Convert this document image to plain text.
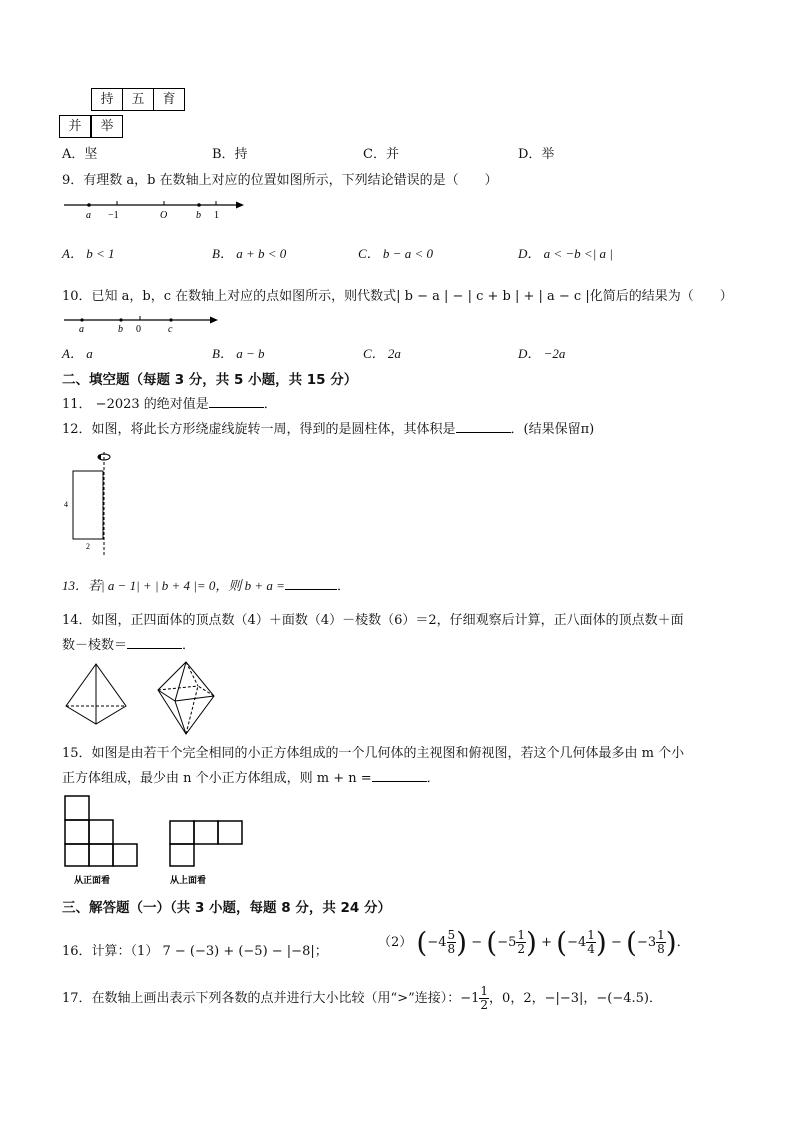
持	五	育
并	举
A．坚	B．持	C．并	D．举
9．有理数 a，b 在数轴上对应的位置如图所示，下列结论错误的是（　　）
a −1	O	b 1
A． b < 1	B． a + b < 0	C． b − a < 0	D． a < −b <| a |
10．已知 a，b，c 在数轴上对应的点如图所示，则代数式| b − a | − | c + b | + | a − c |化简后的结果为（　　）
a	b 0	c
A． a	B． a − b	C． 2a	D． −2a
二、填空题（每题 3 分，共 5 小题，共 15 分）
11． −2023 的绝对值是	．
12．如图，将此长方形绕虚线旋转一周，得到的是圆柱体，其体积是	．(结果保留π)
4
2
13．若| a − 1| + | b + 4 |= 0，则 b + a =	．
14．如图，正四面体的顶点数（4）＋面数（4）－棱数（6）＝2，仔细观察后计算，正八面体的顶点数＋面
数－棱数＝	．
15．如图是由若干个完全相同的小正方体组成的一个几何体的主视图和俯视图，若这个几何体最多由 m 个小
正方体组成，最少由 n 个小正方体组成，则 m + n =	．
从正面看	从上面看
三、解答题（一）（共 3 小题，每题 8 分，共 24 分）
16．计算：（1） 7 − (−3) + (−5) − |−8|；
（2） ($-4 \frac{5}{8}$ ) − ($-5 \frac{1}{2}$ ) + ($-4 \frac{1}{4}$ ) − ($-3 \frac{1}{8}$ )．
17．在数轴上画出表示下列各数的点并进行大小比较（用“>”连接）：$-1 \frac{1}{2}$ ，0，2，−|−3|，−(−4.5)．
